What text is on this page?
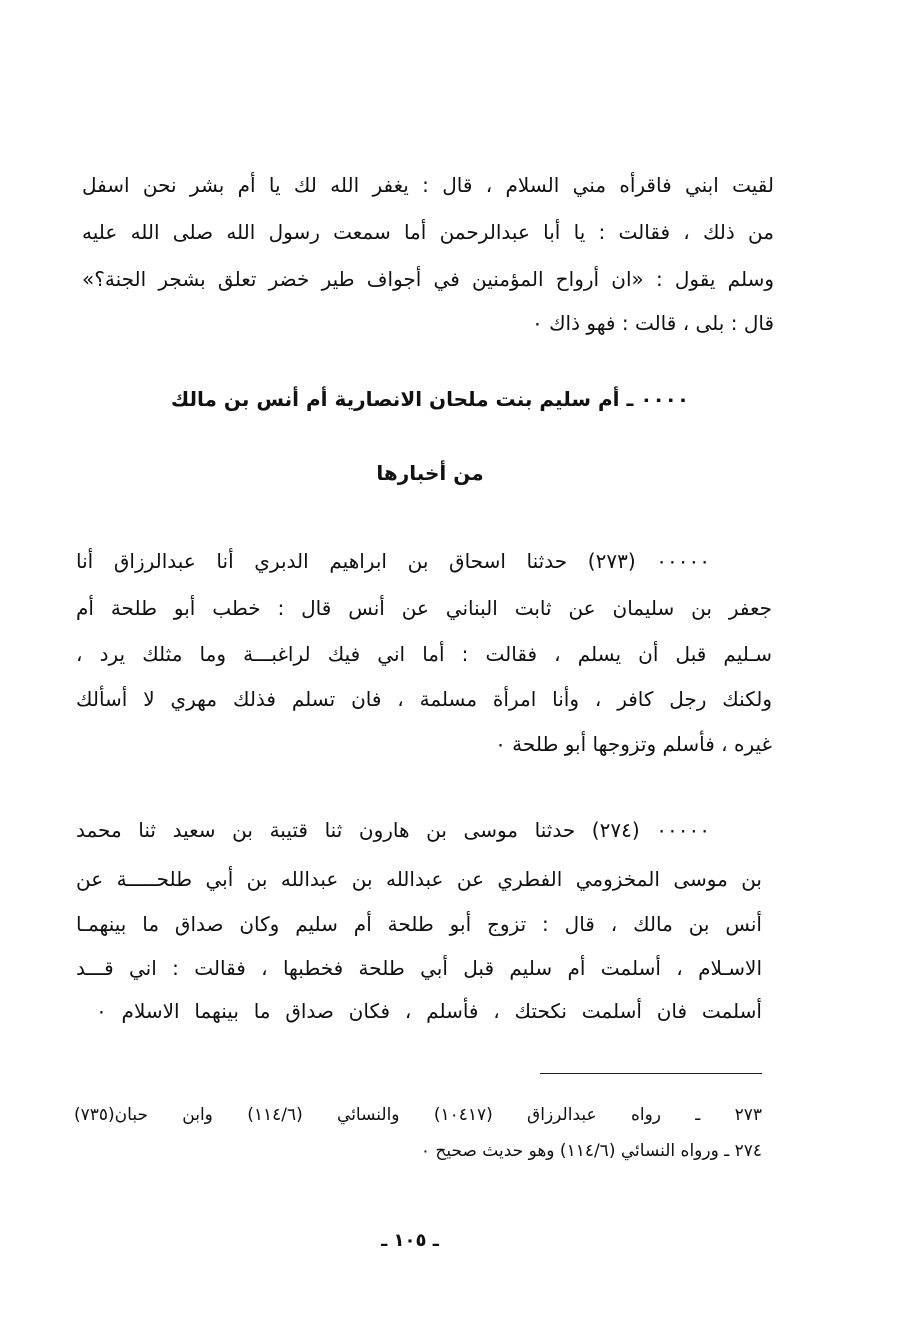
لقيت ابني فاقرأه مني السلام ، قال : يغفر الله لك يا أم بشر نحن اسفل
من ذلك ، فقالت : يا أبا عبدالرحمن أما سمعت رسول الله صلى الله عليه
وسلم يقول : «ان أرواح المؤمنين في أجواف طير خضر تعلق بشجر الجنة؟»
قال : بلى ، قالت : فهو ذاك ٠
٠٠٠٠ ـ أم سليم بنت ملحان الانصارية أم أنس بن مالك
من أخبارها
٠٠٠٠٠ (٢٧٣) حدثنا اسحاق بن ابراهيم الدبري أنا عبدالرزاق أنا
جعفر بن سليمان عن ثابت البناني عن أنس قال : خطب أبو طلحة أم
سـليم قبل أن يسلم ، فقالت : أما اني فيك لراغبـــة وما مثلك يرد ،
ولكنك رجل كافر ، وأنا امرأة مسلمة ، فان تسلم فذلك مهري لا أسألك
غيره ، فأسلم وتزوجها أبو طلحة ٠
٠٠٠٠٠ (٢٧٤) حدثنا موسى بن هارون ثنا قتيبة بن سعيد ثنا محمد
بن موسى المخزومي الفطري عن عبدالله بن عبدالله بن أبي طلحـــــة عن
أنس بن مالك ، قال : تزوج أبو طلحة أم سليم وكان صداق ما بينهمـا
الاسـلام ، أسلمت أم سليم قبل أبي طلحة فخطبها ، فقالت : اني قـــد
أسلمت فان أسلمت نكحتك ، فأسلم ، فكان صداق ما بينهما الاسلام ٠
٢٧٣ ـ رواه عبدالرزاق (١٠٤١٧) والنسائي (١١٤/٦) وابن حبان(٧٣٥)
٢٧٤ ـ ورواه النسائي (١١٤/٦) وهو حديث صحيح ٠
ـ ١٠٥ ـ
